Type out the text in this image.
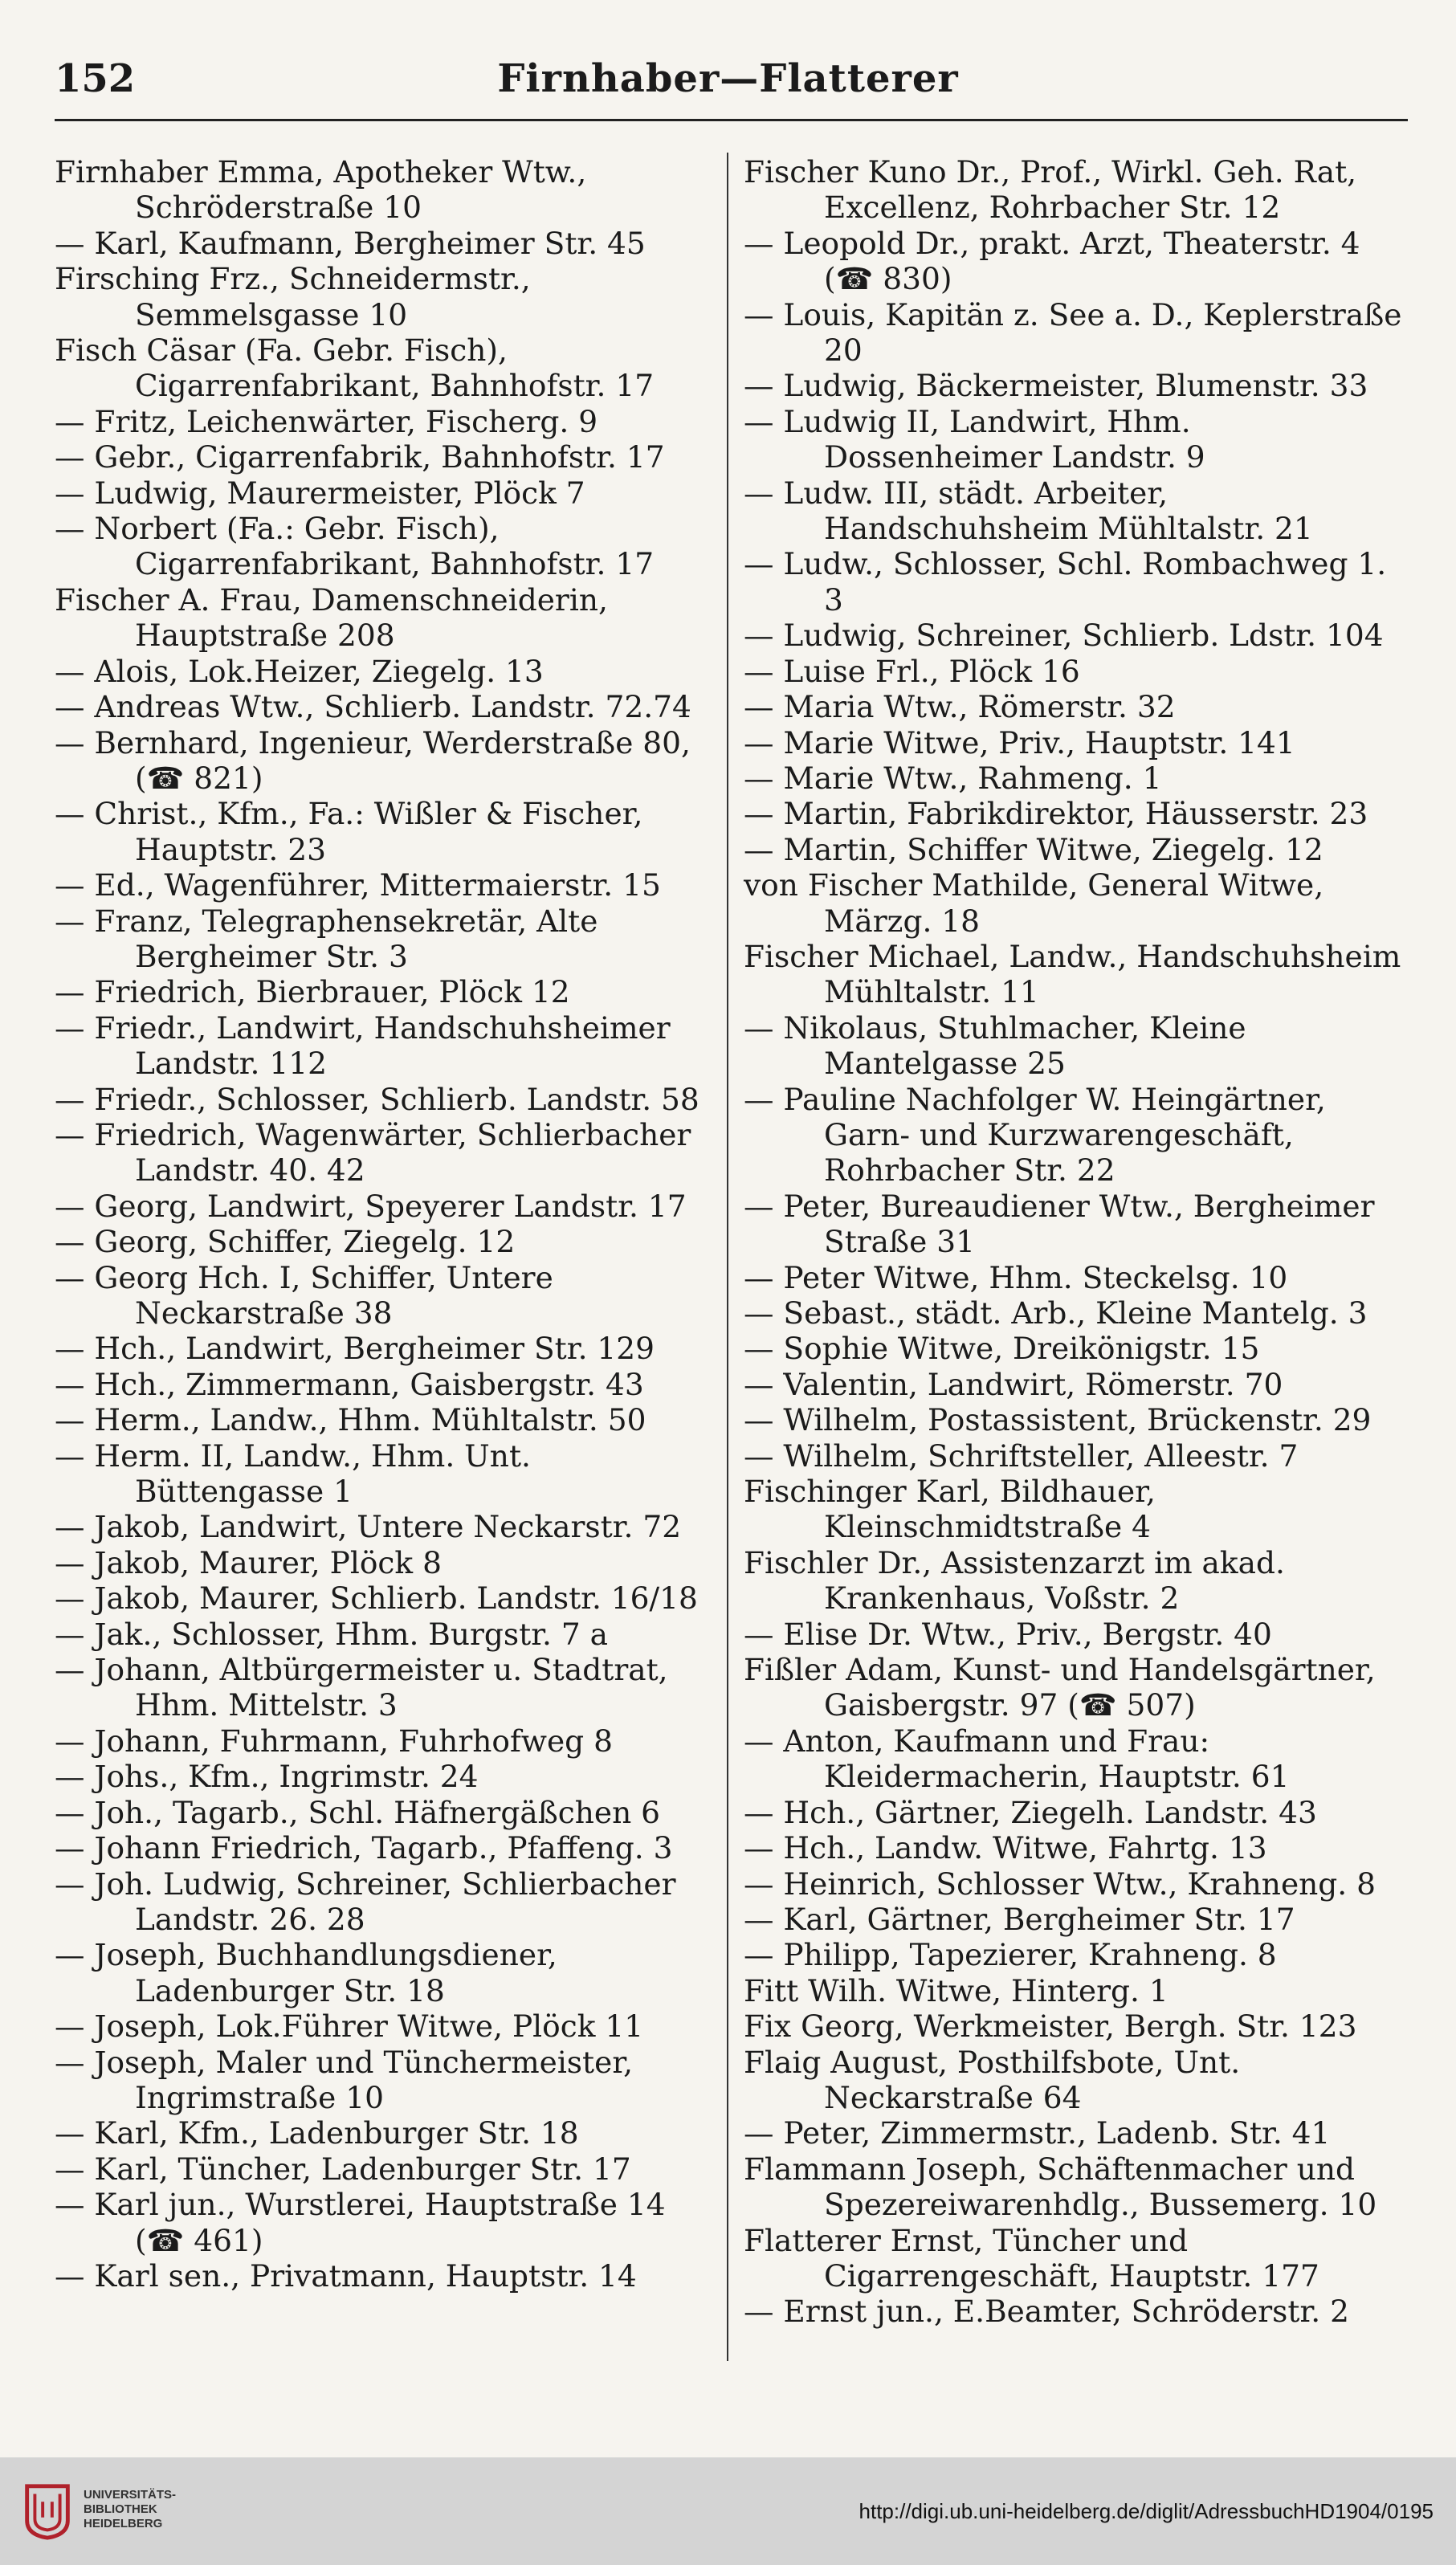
152	Firnhaber—Flatterer
Firnhaber Emma, Apotheker Wtw., Schröderstraße 10
— Karl, Kaufmann, Bergheimer Str. 45
Firsching Frz., Schneidermstr., Semmelsgasse 10
Fisch Cäsar (Fa. Gebr. Fisch), Cigarrenfabrikant, Bahnhofstr. 17
— Fritz, Leichenwärter, Fischerg. 9
— Gebr., Cigarrenfabrik, Bahnhofstr. 17
— Ludwig, Maurermeister, Plöck 7
— Norbert (Fa.: Gebr. Fisch), Cigarrenfabrikant, Bahnhofstr. 17
Fischer A. Frau, Damenschneiderin, Hauptstraße 208
— Alois, Lok.Heizer, Ziegelg. 13
— Andreas Wtw., Schlierb. Landstr. 72.74
— Bernhard, Ingenieur, Werderstraße 80, (☎ 821)
— Christ., Kfm., Fa.: Wißler & Fischer, Hauptstr. 23
— Ed., Wagenführer, Mittermaierstr. 15
— Franz, Telegraphensekretär, Alte Bergheimer Str. 3
— Friedrich, Bierbrauer, Plöck 12
— Friedr., Landwirt, Handschuhsheimer Landstr. 112
— Friedr., Schlosser, Schlierb. Landstr. 58
— Friedrich, Wagenwärter, Schlierbacher Landstr. 40. 42
— Georg, Landwirt, Speyerer Landstr. 17
— Georg, Schiffer, Ziegelg. 12
— Georg Hch. I, Schiffer, Untere Neckarstraße 38
— Hch., Landwirt, Bergheimer Str. 129
— Hch., Zimmermann, Gaisbergstr. 43
— Herm., Landw., Hhm. Mühltalstr. 50
— Herm. II, Landw., Hhm. Unt. Büttengasse 1
— Jakob, Landwirt, Untere Neckarstr. 72
— Jakob, Maurer, Plöck 8
— Jakob, Maurer, Schlierb. Landstr. 16/18
— Jak., Schlosser, Hhm. Burgstr. 7 a
— Johann, Altbürgermeister u. Stadtrat, Hhm. Mittelstr. 3
— Johann, Fuhrmann, Fuhrhofweg 8
— Johs., Kfm., Ingrimstr. 24
— Joh., Tagarb., Schl. Häfnergäßchen 6
— Johann Friedrich, Tagarb., Pfaffeng. 3
— Joh. Ludwig, Schreiner, Schlierbacher Landstr. 26. 28
— Joseph, Buchhandlungsdiener, Ladenburger Str. 18
— Joseph, Lok.Führer Witwe, Plöck 11
— Joseph, Maler und Tünchermeister, Ingrimstraße 10
— Karl, Kfm., Ladenburger Str. 18
— Karl, Tüncher, Ladenburger Str. 17
— Karl jun., Wurstlerei, Hauptstraße 14 (☎ 461)
— Karl sen., Privatmann, Hauptstr. 14
Fischer Kuno Dr., Prof., Wirkl. Geh. Rat, Excellenz, Rohrbacher Str. 12
— Leopold Dr., prakt. Arzt, Theaterstr. 4 (☎ 830)
— Louis, Kapitän z. See a. D., Keplerstraße 20
— Ludwig, Bäckermeister, Blumenstr. 33
— Ludwig II, Landwirt, Hhm. Dossenheimer Landstr. 9
— Ludw. III, städt. Arbeiter, Handschuhsheim Mühltalstr. 21
— Ludw., Schlosser, Schl. Rombachweg 1. 3
— Ludwig, Schreiner, Schlierb. Ldstr. 104
— Luise Frl., Plöck 16
— Maria Wtw., Römerstr. 32
— Marie Witwe, Priv., Hauptstr. 141
— Marie Wtw., Rahmeng. 1
— Martin, Fabrikdirektor, Häusserstr. 23
— Martin, Schiffer Witwe, Ziegelg. 12
von Fischer Mathilde, General Witwe, Märzg. 18
Fischer Michael, Landw., Handschuhsheim Mühltalstr. 11
— Nikolaus, Stuhlmacher, Kleine Mantelgasse 25
— Pauline Nachfolger W. Heingärtner, Garn- und Kurzwarengeschäft, Rohrbacher Str. 22
— Peter, Bureaudiener Wtw., Bergheimer Straße 31
— Peter Witwe, Hhm. Steckelsg. 10
— Sebast., städt. Arb., Kleine Mantelg. 3
— Sophie Witwe, Dreikönigstr. 15
— Valentin, Landwirt, Römerstr. 70
— Wilhelm, Postassistent, Brückenstr. 29
— Wilhelm, Schriftsteller, Alleestr. 7
Fischinger Karl, Bildhauer, Kleinschmidtstraße 4
Fischler Dr., Assistenzarzt im akad. Krankenhaus, Voßstr. 2
— Elise Dr. Wtw., Priv., Bergstr. 40
Fißler Adam, Kunst- und Handelsgärtner, Gaisbergstr. 97 (☎ 507)
— Anton, Kaufmann und Frau: Kleidermacherin, Hauptstr. 61
— Hch., Gärtner, Ziegelh. Landstr. 43
— Hch., Landw. Witwe, Fahrtg. 13
— Heinrich, Schlosser Wtw., Krahneng. 8
— Karl, Gärtner, Bergheimer Str. 17
— Philipp, Tapezierer, Krahneng. 8
Fitt Wilh. Witwe, Hinterg. 1
Fix Georg, Werkmeister, Bergh. Str. 123
Flaig August, Posthilfsbote, Unt. Neckarstraße 64
— Peter, Zimmermstr., Ladenb. Str. 41
Flammann Joseph, Schäftenmacher und Spezereiwarenhdlg., Bussemerg. 10
Flatterer Ernst, Tüncher und Cigarrengeschäft, Hauptstr. 177
— Ernst jun., E.Beamter, Schröderstr. 2
UNIVERSITÄTS-
BIBLIOTHEK
HEIDELBERG
http://digi.ub.uni-heidelberg.de/diglit/AdressbuchHD1904/0195
